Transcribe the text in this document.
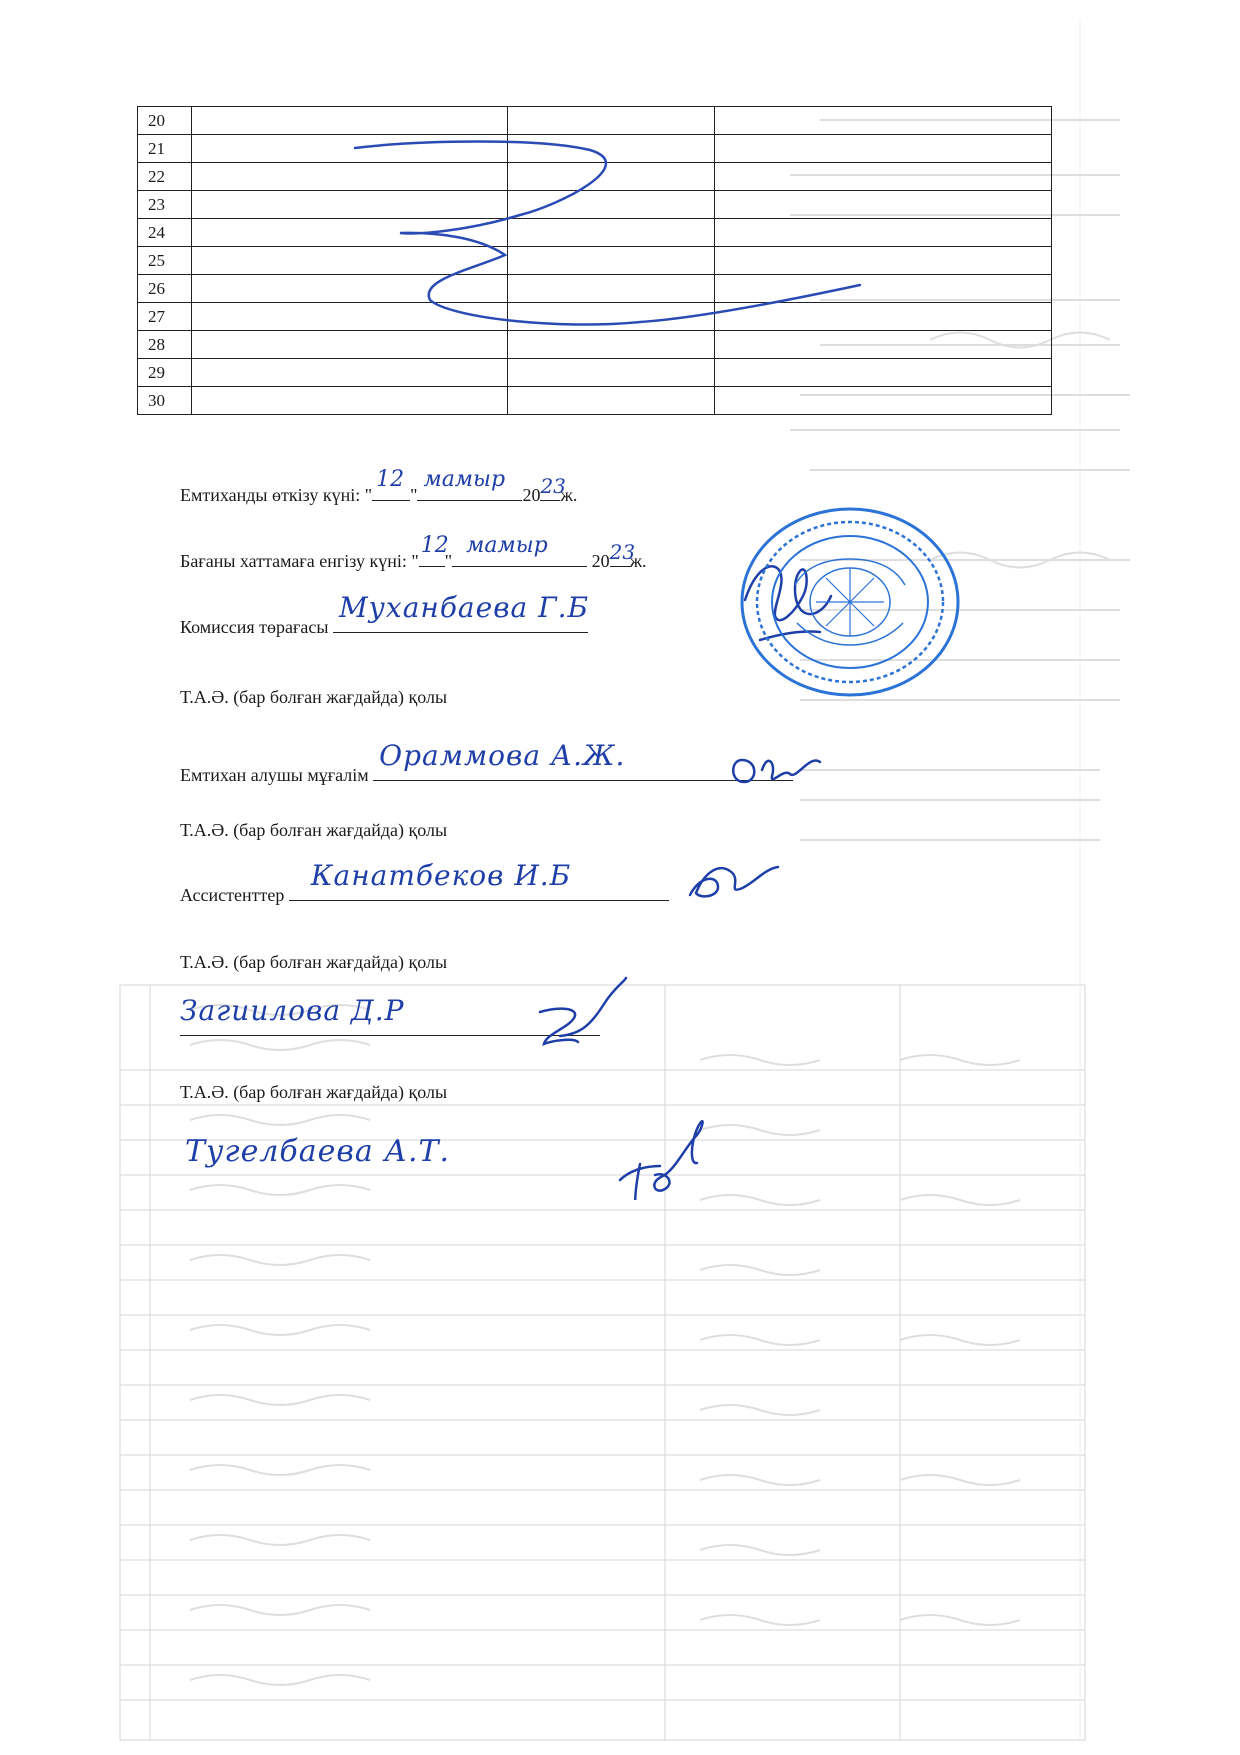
20			
21			
22			
23			
24			
25			
26			
27			
28			
29			
30			
Емтиханды өткізу күні: "
12
"
мамыр
20 23
ж.
Бағаны хаттамаға енгізу күні: "
12
"
мамыр
20 23
ж.
Комиссия төрағасы
Муханбаева Г.Б
Т.А.Ә. (бар болған жағдайда) қолы
Емтихан алушы мұғалім
Ораммова А.Ж.
Т.А.Ә. (бар болған жағдайда) қолы
Ассистенттер
Канатбеков И.Б
Т.А.Ә. (бар болған жағдайда) қолы
Загиилова Д.Р
Т.А.Ә. (бар болған жағдайда) қолы
Тугелбаева А.Т.
